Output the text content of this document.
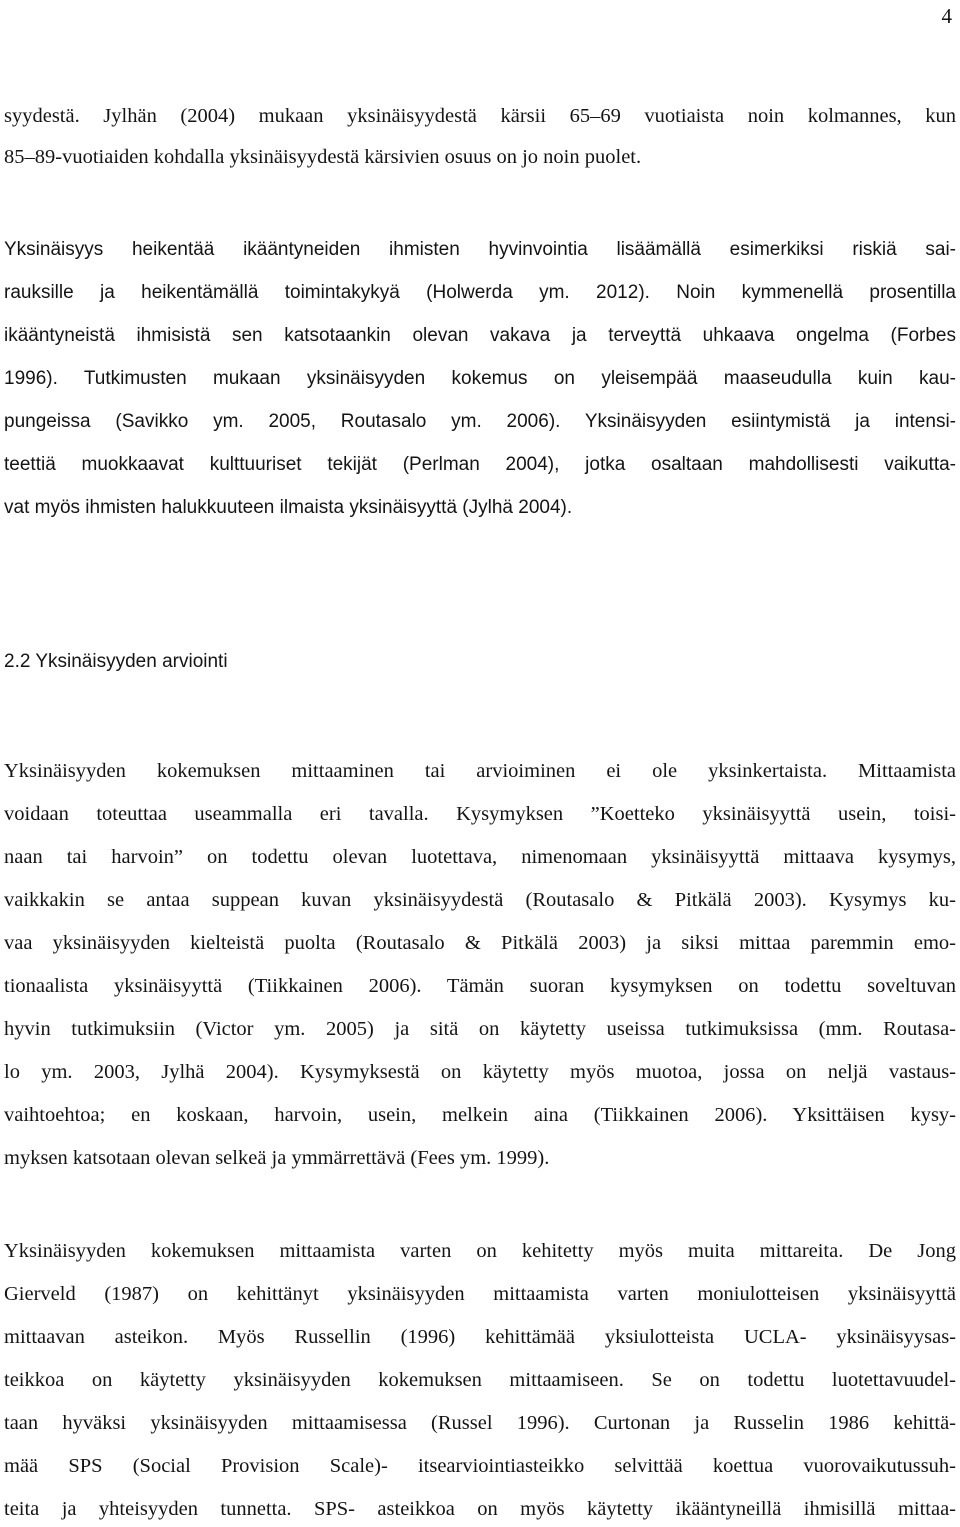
4
syydestä. Jylhän (2004) mukaan yksinäisyydestä kärsii 65–69 vuotiaista noin kolmannes, kun
85–89-vuotiaiden kohdalla yksinäisyydestä kärsivien osuus on jo noin puolet.
Yksinäisyys heikentää ikääntyneiden ihmisten hyvinvointia lisäämällä esimerkiksi riskiä sai-
rauksille ja heikentämällä toimintakykyä (Holwerda ym. 2012). Noin kymmenellä prosentilla
ikääntyneistä ihmisistä sen katsotaankin olevan vakava ja terveyttä uhkaava ongelma (Forbes
1996). Tutkimusten mukaan yksinäisyyden kokemus on yleisempää maaseudulla kuin kau-
pungeissa (Savikko ym. 2005, Routasalo ym. 2006). Yksinäisyyden esiintymistä ja intensi-
teettiä muokkaavat kulttuuriset tekijät (Perlman 2004), jotka osaltaan mahdollisesti vaikutta-
vat myös ihmisten halukkuuteen ilmaista yksinäisyyttä (Jylhä 2004).
2.2 Yksinäisyyden arviointi
Yksinäisyyden kokemuksen mittaaminen tai arvioiminen ei ole yksinkertaista. Mittaamista
voidaan toteuttaa useammalla eri tavalla. Kysymyksen ”Koetteko yksinäisyyttä usein, toisi-
naan tai harvoin” on todettu olevan luotettava, nimenomaan yksinäisyyttä mittaava kysymys,
vaikkakin se antaa suppean kuvan yksinäisyydestä (Routasalo & Pitkälä 2003). Kysymys ku-
vaa yksinäisyyden kielteistä puolta (Routasalo & Pitkälä 2003) ja siksi mittaa paremmin emo-
tionaalista yksinäisyyttä (Tiikkainen 2006). Tämän suoran kysymyksen on todettu soveltuvan
hyvin tutkimuksiin (Victor ym. 2005) ja sitä on käytetty useissa tutkimuksissa (mm. Routasa-
lo ym. 2003, Jylhä 2004). Kysymyksestä on käytetty myös muotoa, jossa on neljä vastaus-
vaihtoehtoa; en koskaan, harvoin, usein, melkein aina (Tiikkainen 2006). Yksittäisen kysy-
myksen katsotaan olevan selkeä ja ymmärrettävä (Fees ym. 1999).
Yksinäisyyden kokemuksen mittaamista varten on kehitetty myös muita mittareita. De Jong
Gierveld (1987) on kehittänyt yksinäisyyden mittaamista varten moniulotteisen yksinäisyyttä
mittaavan asteikon. Myös Russellin (1996) kehittämää yksiulotteista UCLA- yksinäisyysas-
teikkoa on käytetty yksinäisyyden kokemuksen mittaamiseen. Se on todettu luotettavuudel-
taan hyväksi yksinäisyyden mittaamisessa (Russel 1996). Curtonan ja Russelin 1986 kehittä-
mää SPS (Social Provision Scale)- itsearviointiasteikko selvittää koettua vuorovaikutussuh-
teita ja yhteisyyden tunnetta. SPS- asteikkoa on myös käytetty ikääntyneillä ihmisillä mittaa-
